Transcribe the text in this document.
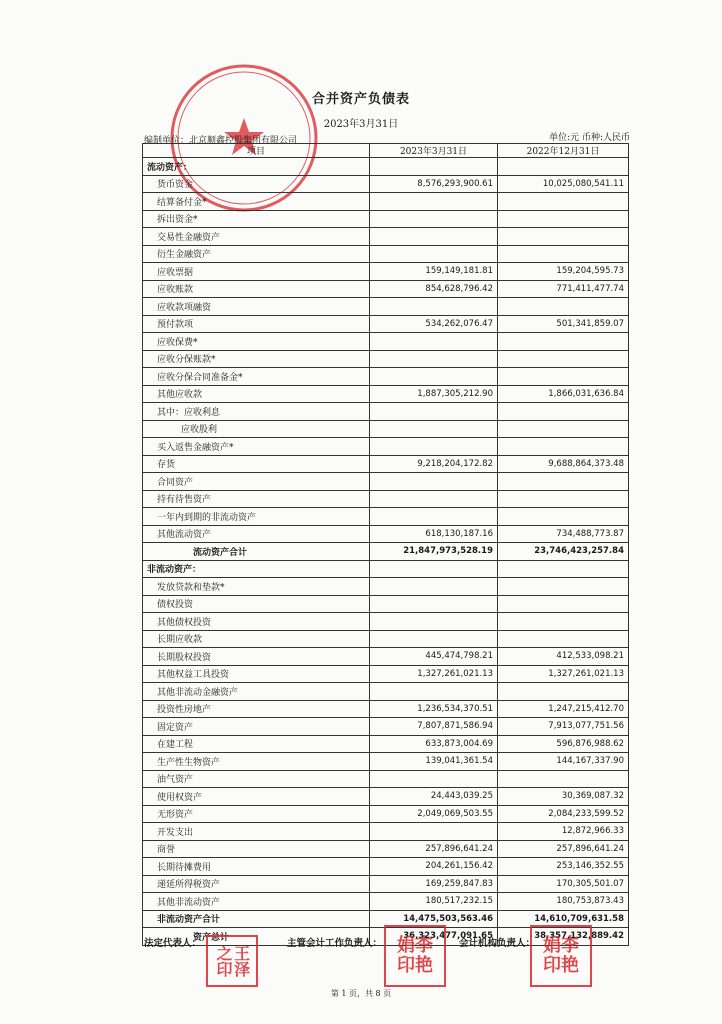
合并资产负债表
2023年3月31日
编制单位：北京顺鑫控股集团有限公司	单位:元 币种:人民币
项目	2023年3月31日	2022年12月31日
流动资产：		
货币资金	8,576,293,900.61	10,025,080,541.11
结算备付金*		
拆出资金*		
交易性金融资产		
衍生金融资产		
应收票据	159,149,181.81	159,204,595.73
应收账款	854,628,796.42	771,411,477.74
应收款项融资		
预付款项	534,262,076.47	501,341,859.07
应收保费*		
应收分保账款*		
应收分保合同准备金*		
其他应收款	1,887,305,212.90	1,866,031,636.84
其中：应收利息		
应收股利		
买入返售金融资产*		
存货	9,218,204,172.82	9,688,864,373.48
合同资产		
持有待售资产		
一年内到期的非流动资产		
其他流动资产	618,130,187.16	734,488,773.87
流动资产合计	21,847,973,528.19	23,746,423,257.84
非流动资产：		
发放贷款和垫款*		
债权投资		
其他债权投资		
长期应收款		
长期股权投资	445,474,798.21	412,533,098.21
其他权益工具投资	1,327,261,021.13	1,327,261,021.13
其他非流动金融资产		
投资性房地产	1,236,534,370.51	1,247,215,412.70
固定资产	7,807,871,586.94	7,913,077,751.56
在建工程	633,873,004.69	596,876,988.62
生产性生物资产	139,041,361.54	144,167,337.90
油气资产		
使用权资产	24,443,039.25	30,369,087.32
无形资产	2,049,069,503.55	2,084,233,599.52
开发支出		12,872,966.33
商誉	257,896,641.24	257,896,641.24
长期待摊费用	204,261,156.42	253,146,352.55
递延所得税资产	169,259,847.83	170,305,501.07
其他非流动资产	180,517,232.15	180,753,873.43
非流动资产合计	14,475,503,563.46	14,610,709,631.58
资产总计	36,323,477,091.65	38,357,132,889.42
法定代表人：	主管会计工作负责人：	会计机构负责人：
王泽
之印	娟李
印艳
娟李
印艳
第 1 页，共 8 页
